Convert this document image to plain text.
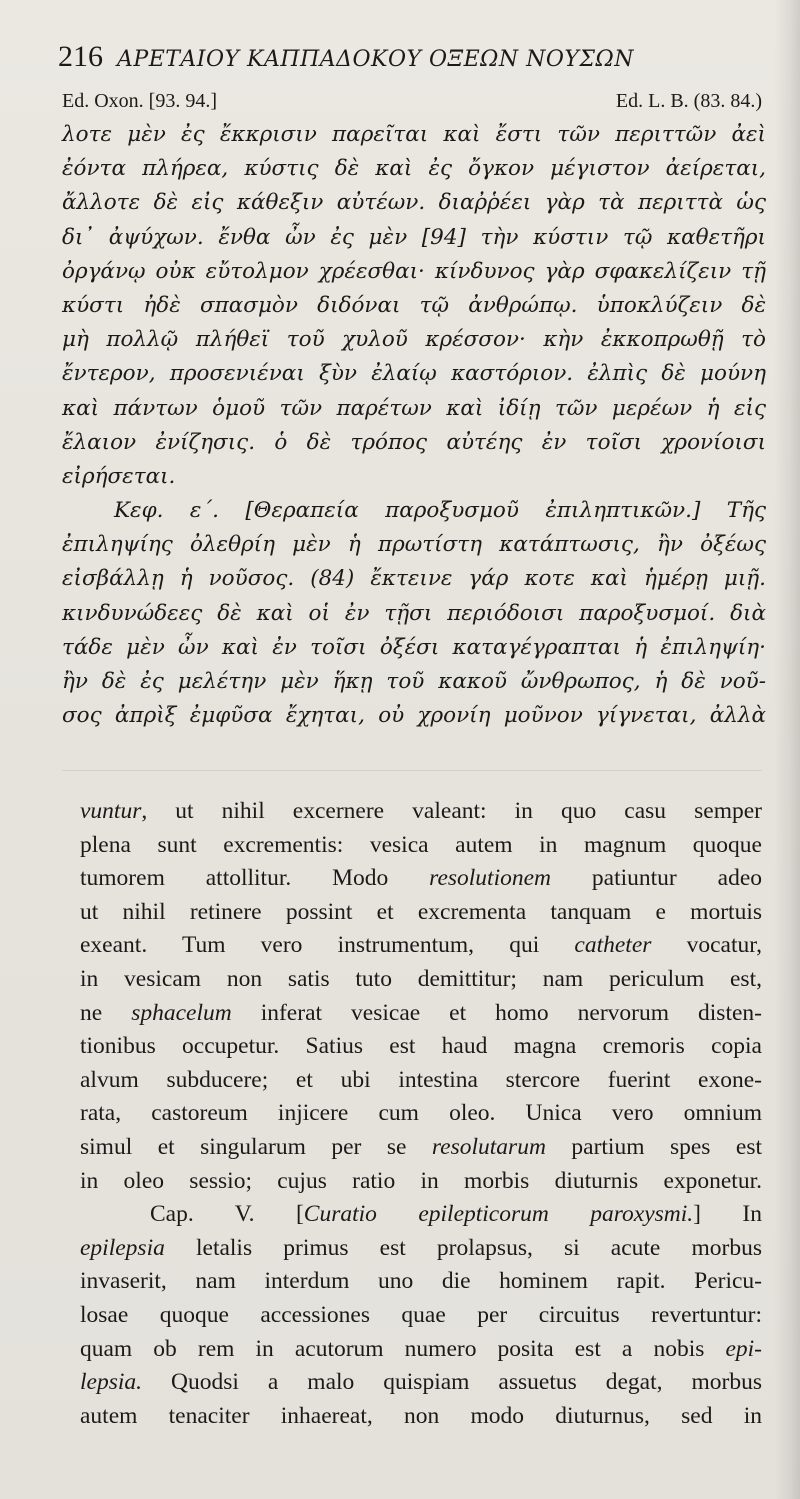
216 ΑΡΕΤΑΙΟΥ ΚΑΠΠΑΔΟΚΟΥ ΟΞΕΩΝ ΝΟΥΣΩΝ
Ed. Oxon. [93. 94.]	Ed. L. B. (83. 84.)
λοτε μὲν ἐς ἔκκρισιν παρεῖται καὶ ἔστι τῶν περιττῶν ἀεὶ
ἐόντα πλήρεα, κύστις δὲ καὶ ἐς ὄγκον μέγιστον ἀείρεται,
ἄλλοτε δὲ εἰς κάθεξιν αὐτέων. διαῤῥέει γὰρ τὰ περιττὰ ὡς
δι᾿ ἀψύχων. ἔνθα ὦν ἐς μὲν [94] τὴν κύστιν τῷ καθετῆρι
ὀργάνῳ οὐκ εὔτολμον χρέεσθαι· κίνδυνος γὰρ σφακελίζειν τῇ
κύστι ἠδὲ σπασμὸν διδόναι τῷ ἀνθρώπῳ. ὑποκλύζειν δὲ
μὴ πολλῷ πλήθεϊ τοῦ χυλοῦ κρέσσον· κὴν ἐκκοπρωθῇ τὸ
ἔντερον, προσενιέναι ξὺν ἐλαίῳ καστόριον. ἐλπὶς δὲ μούνη
καὶ πάντων ὁμοῦ τῶν παρέτων καὶ ἰδίῃ τῶν μερέων ἡ εἰς
ἔλαιον ἐνίζησις. ὁ δὲ τρόπος αὐτέης ἐν τοῖσι χρονίοισι
εἰρήσεται.
Κεφ. ε΄. [Θεραπεία παροξυσμοῦ ἐπιληπτικῶν.] Τῆς
ἐπιληψίης ὀλεθρίη μὲν ἡ πρωτίστη κατάπτωσις, ἢν ὀξέως
εἰσβάλλῃ ἡ νοῦσος. (84) ἔκτεινε γάρ κοτε καὶ ἡμέρῃ μιῇ.
κινδυνώδεες δὲ καὶ οἱ ἐν τῇσι περιόδοισι παροξυσμοί. διὰ
τάδε μὲν ὦν καὶ ἐν τοῖσι ὀξέσι καταγέγραπται ἡ ἐπιληψίη·
ἢν δὲ ἐς μελέτην μὲν ἥκῃ τοῦ κακοῦ ὤνθρωπος, ἡ δὲ νοῦ-
σος ἀπρὶξ ἐμφῦσα ἔχηται, οὐ χρονίη μοῦνον γίγνεται, ἀλλὰ
vuntur, ut nihil excernere valeant: in quo casu semper
plena sunt excrementis: vesica autem in magnum quoque
tumorem attollitur. Modo resolutionem patiuntur adeo
ut nihil retinere possint et excrementa tanquam e mortuis
exeant. Tum vero instrumentum, qui catheter vocatur,
in vesicam non satis tuto demittitur; nam periculum est,
ne sphacelum inferat vesicae et homo nervorum disten-
tionibus occupetur. Satius est haud magna cremoris copia
alvum subducere; et ubi intestina stercore fuerint exone-
rata, castoreum injicere cum oleo. Unica vero omnium
simul et singularum per se resolutarum partium spes est
in oleo sessio; cujus ratio in morbis diuturnis exponetur.
Cap. V. [Curatio epilepticorum paroxysmi.] In
epilepsia letalis primus est prolapsus, si acute morbus
invaserit, nam interdum uno die hominem rapit. Pericu-
losae quoque accessiones quae per circuitus revertuntur:
quam ob rem in acutorum numero posita est a nobis epi-
lepsia. Quodsi a malo quispiam assuetus degat, morbus
autem tenaciter inhaereat, non modo diuturnus, sed in
